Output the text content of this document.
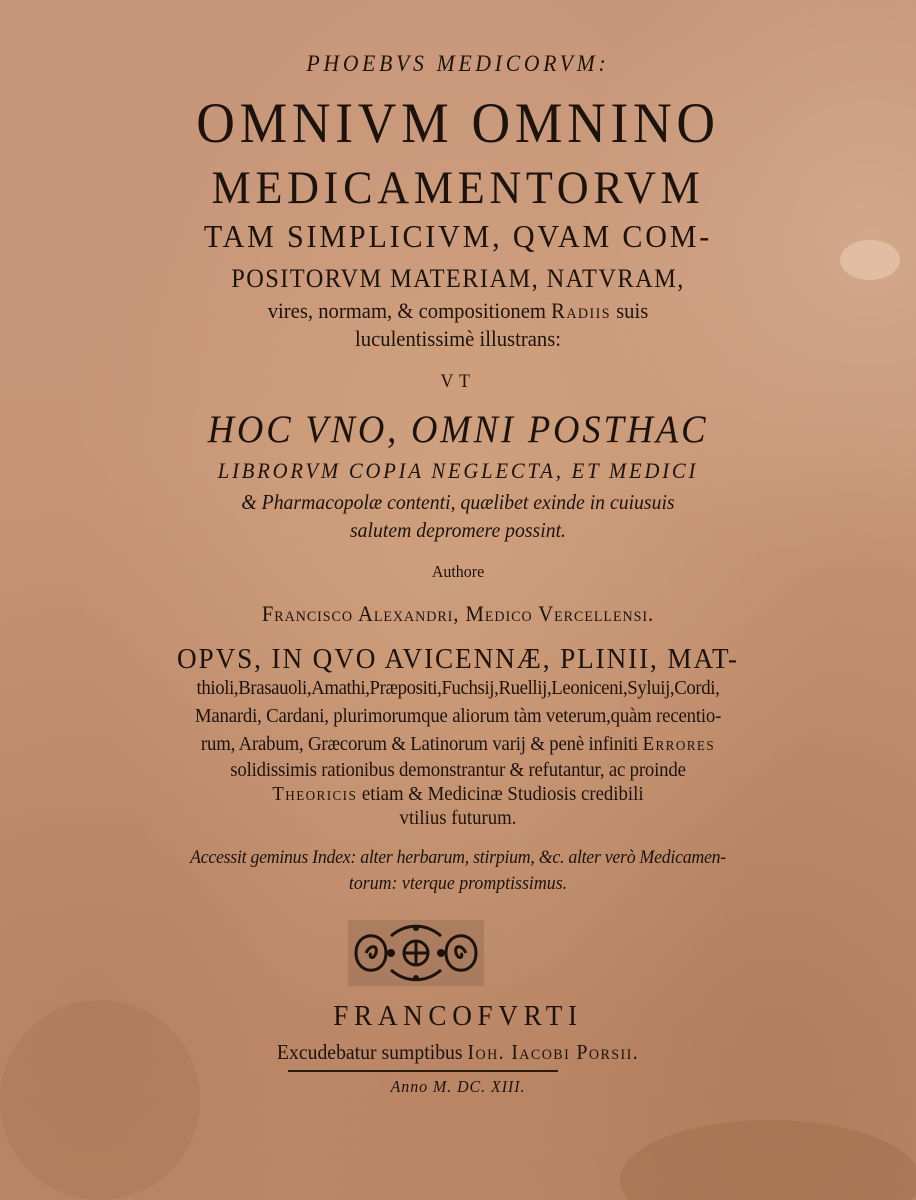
PHOEBVS MEDICORVM:
OMNIVM OMNINO
MEDICAMENTORVM
TAM SIMPLICIVM, QVAM COM-
POSITORVM MATERIAM, NATVRAM,
vires, normam, & compositionem Radiis suis
luculentissimè illustrans:
VT
HOC VNO, OMNI POSTHAC
LIBRORVM COPIA NEGLECTA, ET MEDICI
& Pharmacopolæ contenti, quælibet exinde in cuiusuis
salutem depromere possint.
Authore
Francisco Alexandri, Medico Vercellensi.
OPVS, IN QVO AVICENNÆ, PLINII, MAT-
thioli,Brasauoli,Amathi,Præpositi,Fuchsij,Ruellij,Leoniceni,Syluij,Cordi,
Manardi, Cardani, plurimorumque aliorum tàm veterum,quàm recentio-
rum, Arabum, Græcorum & Latinorum varij & penè infiniti Errores
solidissimis rationibus demonstrantur & refutantur, ac proinde
Theoricis etiam & Medicinæ Studiosis credibili
vtilius futurum.
Accessit geminus Index: alter herbarum, stirpium, &c. alter verò Medicamen-
torum: vterque promptissimus.
FRANCOFVRTI
Excudebatur sumptibus Ioh. Iacobi Porsii.
Anno M. DC. XIII.
